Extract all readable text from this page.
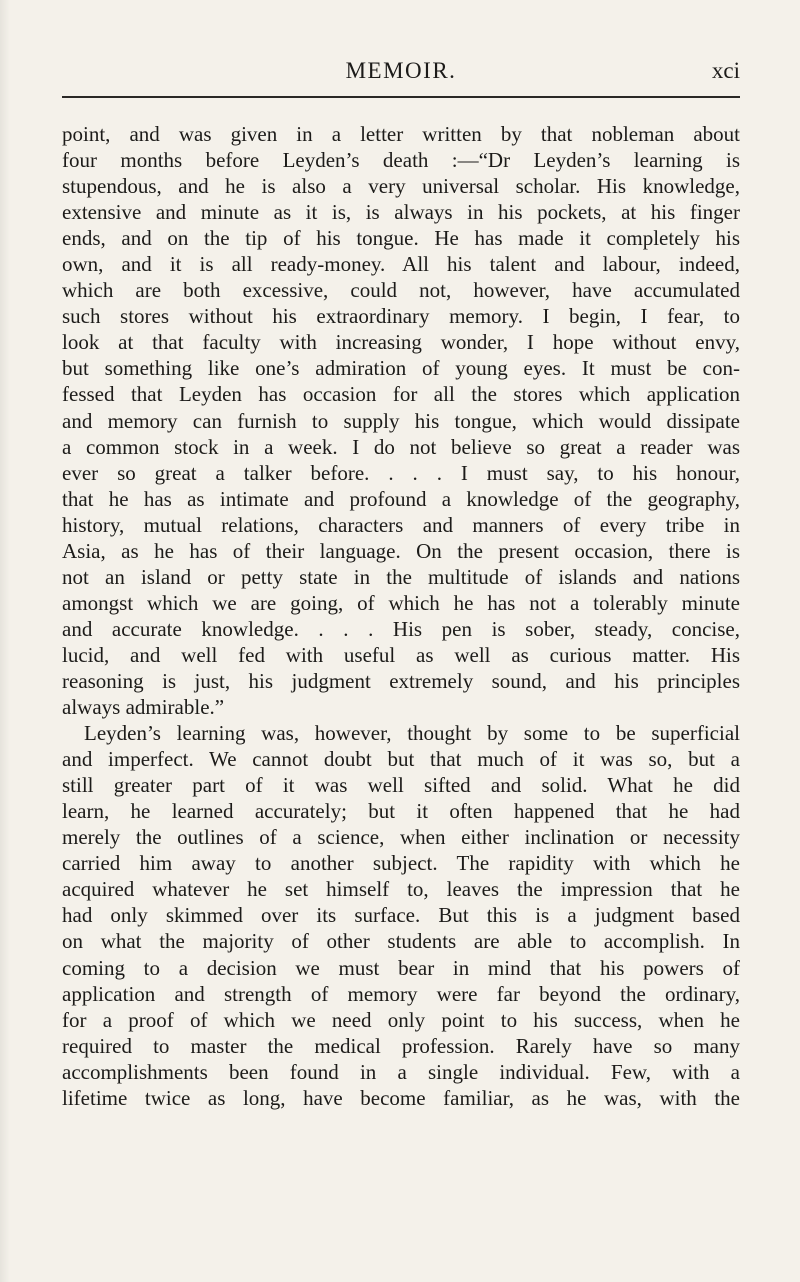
MEMOIR.	xci
point, and was given in a letter written by that nobleman about
four months before Leyden’s death :—“Dr Leyden’s learning is
stupendous, and he is also a very universal scholar. His knowledge,
extensive and minute as it is, is always in his pockets, at his finger
ends, and on the tip of his tongue. He has made it completely his
own, and it is all ready-money. All his talent and labour, indeed,
which are both excessive, could not, however, have accumulated
such stores without his extraordinary memory. I begin, I fear, to
look at that faculty with increasing wonder, I hope without envy,
but something like one’s admiration of young eyes. It must be con-
fessed that Leyden has occasion for all the stores which application
and memory can furnish to supply his tongue, which would dissipate
a common stock in a week. I do not believe so great a reader was
ever so great a talker before. . . . I must say, to his honour,
that he has as intimate and profound a knowledge of the geography,
history, mutual relations, characters and manners of every tribe in
Asia, as he has of their language. On the present occasion, there is
not an island or petty state in the multitude of islands and nations
amongst which we are going, of which he has not a tolerably minute
and accurate knowledge. . . . His pen is sober, steady, concise,
lucid, and well fed with useful as well as curious matter. His
reasoning is just, his judgment extremely sound, and his principles
always admirable.”
Leyden’s learning was, however, thought by some to be superficial
and imperfect. We cannot doubt but that much of it was so, but a
still greater part of it was well sifted and solid. What he did
learn, he learned accurately; but it often happened that he had
merely the outlines of a science, when either inclination or necessity
carried him away to another subject. The rapidity with which he
acquired whatever he set himself to, leaves the impression that he
had only skimmed over its surface. But this is a judgment based
on what the majority of other students are able to accomplish. In
coming to a decision we must bear in mind that his powers of
application and strength of memory were far beyond the ordinary,
for a proof of which we need only point to his success, when he
required to master the medical profession. Rarely have so many
accomplishments been found in a single individual. Few, with a
lifetime twice as long, have become familiar, as he was, with the
